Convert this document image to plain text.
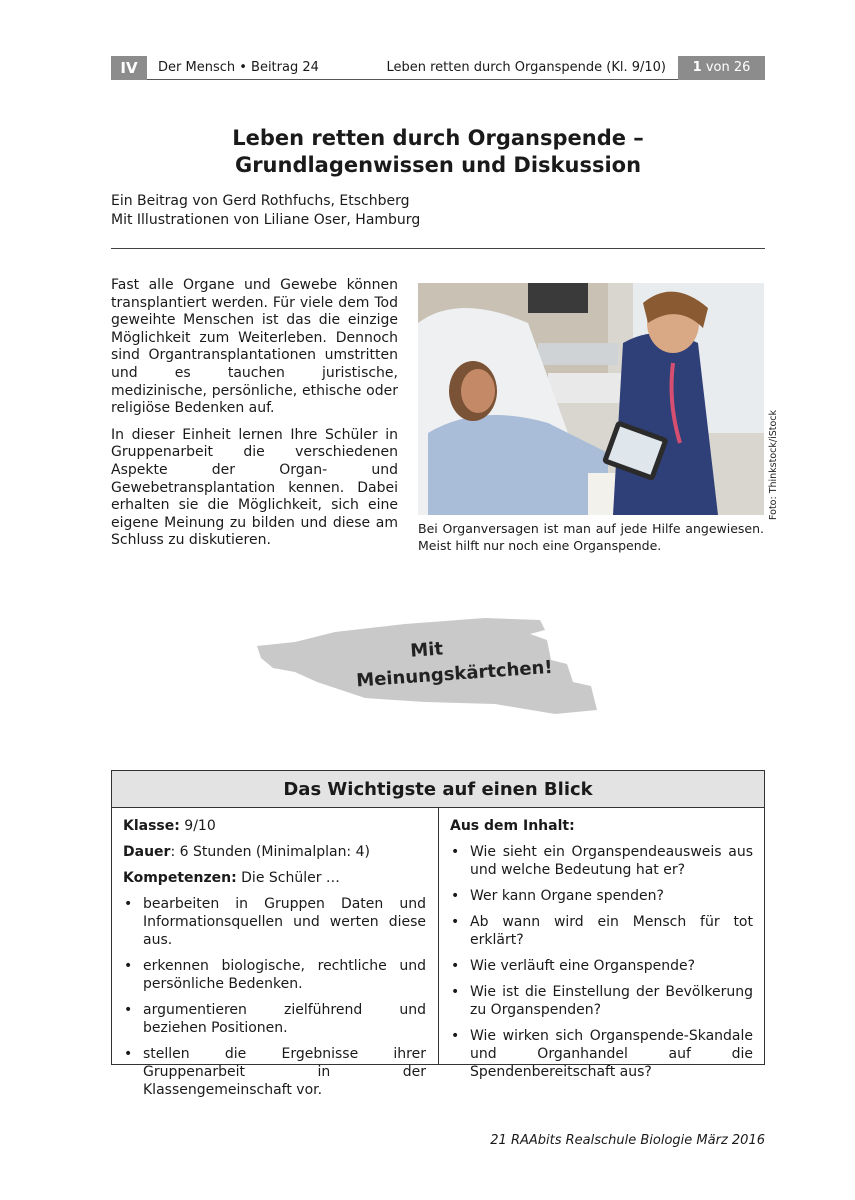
IV	Der Mensch • Beitrag 24	Leben retten durch Organspende (Kl. 9/10)	1 von 26
Leben retten durch Organspende –
Grundlagenwissen und Diskussion
Ein Beitrag von Gerd Rothfuchs, Etschberg
Mit Illustrationen von Liliane Oser, Hamburg

Fast alle Organe und Gewebe können transplantiert werden. Für viele dem Tod geweihte Menschen ist das die einzige Möglichkeit zum Weiterleben. Dennoch sind Organtransplantationen umstritten und es tauchen juristische, medizinische, persönliche, ethische oder religiöse Bedenken auf.

In dieser Einheit lernen Ihre Schüler in Gruppenarbeit die verschiedenen Aspekte der Organ- und Gewebetransplantation kennen. Dabei erhalten sie die Möglichkeit, sich eine eigene Meinung zu bilden und diese am Schluss zu diskutieren.

Foto: Thinkstock/iStock
Bei Organversagen ist man auf jede Hilfe angewiesen. Meist hilft nur noch eine Organspende.
Mit
Meinungskärtchen!
Das Wichtigste auf einen Blick
Klasse: 9/10
Dauer: 6 Stunden (Minimalplan: 4)
Kompetenzen: Die Schüler …
• bearbeiten in Gruppen Daten und Informationsquellen und werten diese aus.
• erkennen biologische, rechtliche und persönliche Bedenken.
• argumentieren zielführend und beziehen Positionen.
• stellen die Ergebnisse ihrer Gruppenarbeit in der Klassengemeinschaft vor.
Aus dem Inhalt:
• Wie sieht ein Organspendeausweis aus und welche Bedeutung hat er?
• Wer kann Organe spenden?
• Ab wann wird ein Mensch für tot erklärt?
• Wie verläuft eine Organspende?
• Wie ist die Einstellung der Bevölkerung zu Organspenden?
• Wie wirken sich Organspende-Skandale und Organhandel auf die Spendenbereitschaft aus?
21 RAAbits Realschule Biologie März 2016
